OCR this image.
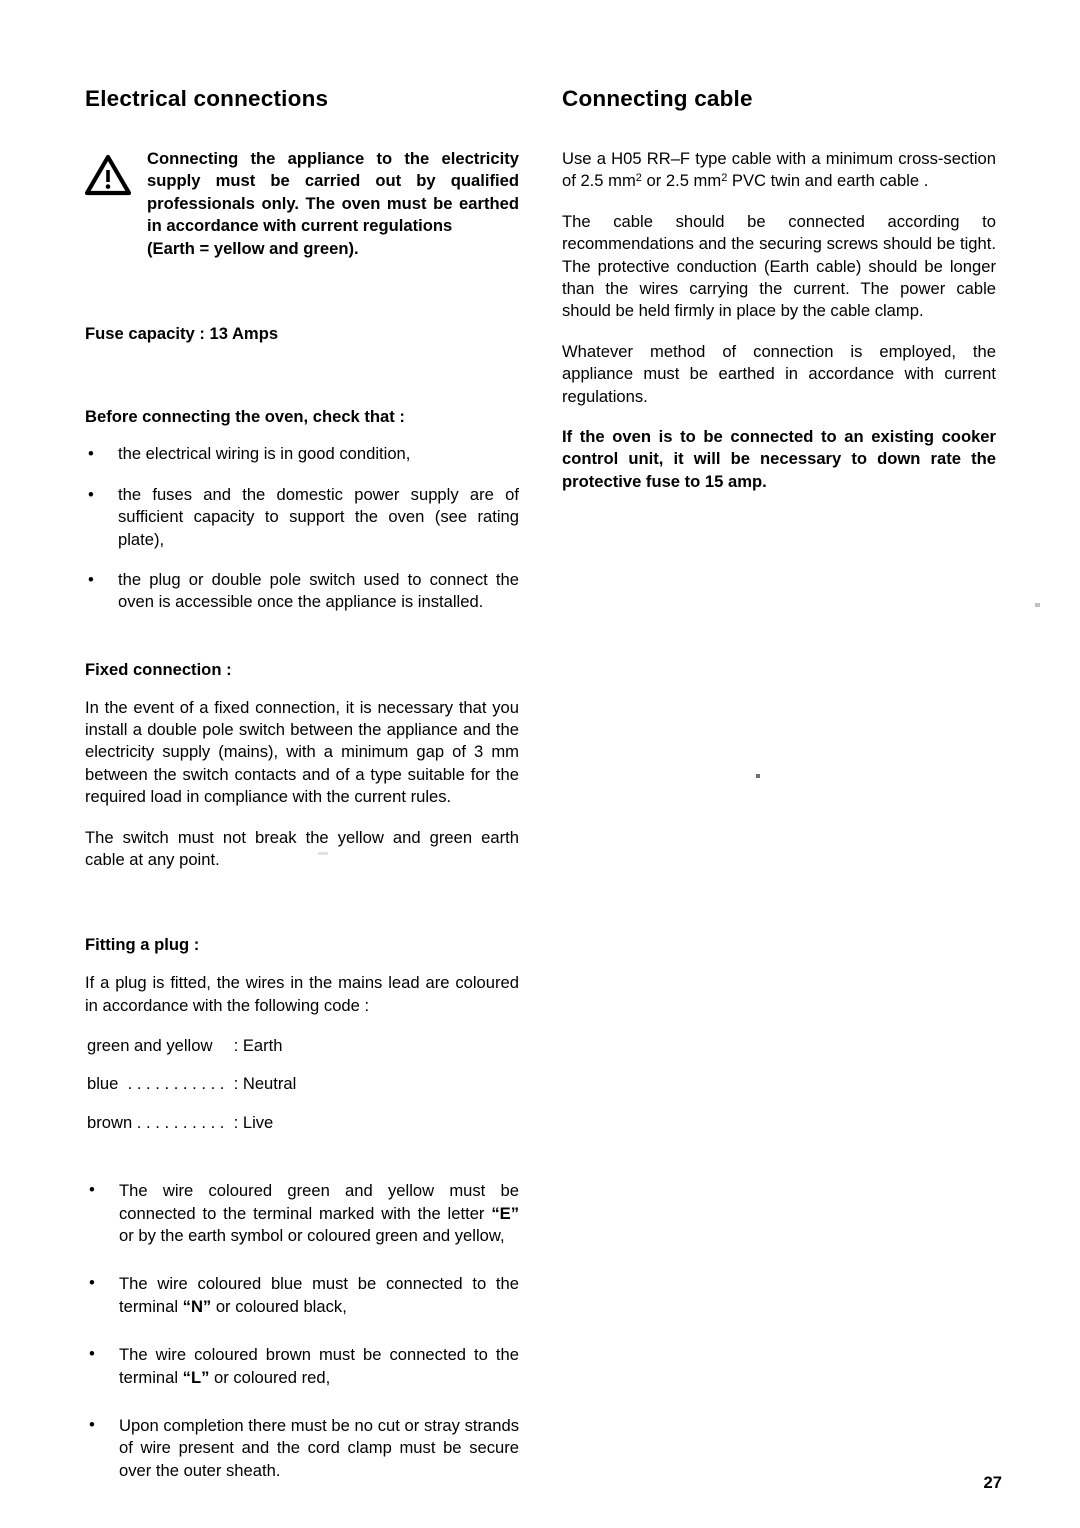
Electrical connections
Connecting the appliance to the electricity supply must be carried out by qualified professionals only. The oven must be earthed in accordance with current regulations
(Earth = yellow and green).
Fuse capacity : 13 Amps
Before connecting the oven, check that :
• the electrical wiring is in good condition,
• the fuses and the domestic power supply are of sufficient capacity to support the oven (see rating plate),
• the plug or double pole switch used to connect the oven is accessible once the appliance is installed.
Fixed connection :

In the event of a fixed connection, it is necessary that you install a double pole switch between the appliance and the electricity supply (mains), with a minimum gap of 3 mm between the switch contacts and of a type suitable for the required load in compliance with the current rules.

The switch must not break the yellow and green earth cable at any point.

Fitting a plug :

If a plug is fitted, the wires in the mains lead are coloured in accordance with the following code :

green and yellow : Earth
blue  . . . . . . . . . . . : Neutral
brown . . . . . . . . . . : Live
• The wire coloured green and yellow must be connected to the terminal marked with the letter “E” or by the earth symbol or coloured green and yellow,
• The wire coloured blue must be connected to the terminal “N” or coloured black,
• The wire coloured brown must be connected to the terminal “L” or coloured red,
• Upon completion there must be no cut or stray strands of wire present and the cord clamp must be secure over the outer sheath.
Connecting cable

Use a H05 RR–F type cable with a minimum cross-section of 2.5 $mm^2$ or 2.5 $mm^2$ PVC twin and earth cable .

The cable should be connected according to recommendations and the securing screws should be tight. The protective conduction (Earth cable) should be longer than the wires carrying the current. The power cable should be held firmly in place by the cable clamp.

Whatever method of connection is employed, the appliance must be earthed in accordance with current regulations.

If the oven is to be connected to an existing cooker control unit, it will be necessary to down rate the protective fuse to 15 amp.

27
